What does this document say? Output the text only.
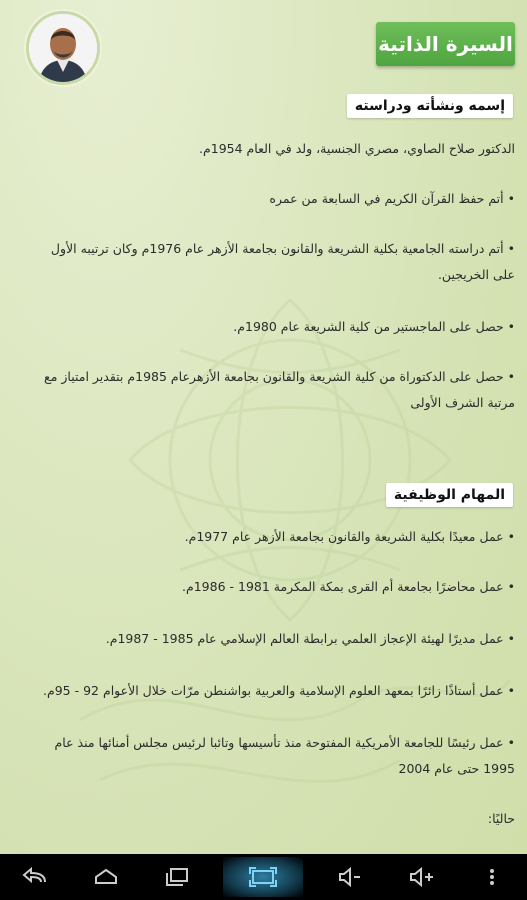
السيرة الذاتية
إسمه ونشأته ودراسته
الدكتور صلاح الصاوي، مصري الجنسية، ولد في العام 1954م.
• أتم حفظ القرآن الكريم في السابعة من عمره
• أتم دراسته الجامعية بكلية الشريعة والقانون بجامعة الأزهر عام 1976م وكان ترتيبه الأول
على الخريجين.
• حصل على الماجستير من كلية الشريعة عام 1980م.
• حصل على الدكتوراة من كلية الشريعة والقانون بجامعة الأزهرعام 1985م بتقدير امتياز مع
مرتبة الشرف الأولى
المهام الوظيفية
• عمل معيدًا بكلية الشريعة والقانون بجامعة الأزهر عام 1977م.
• عمل محاضرًا بجامعة أم القرى بمكة المكرمة 1981 - 1986م.
• عمل مديرًا لهيئة الإعجاز العلمي برابطة العالم الإسلامي عام 1985 - 1987م.
• عمل أستاذًا زائرًا بمعهد العلوم الإسلامية والعربية بواشنطن مرّات خلال الأعوام 92 - 95م.
• عمل رئيسًا للجامعة الأمريكية المفتوحة منذ تأسيسها وتائبا لرئيس مجلس أمنائها منذ عام
1995 حتى عام 2004
حاليًا:
